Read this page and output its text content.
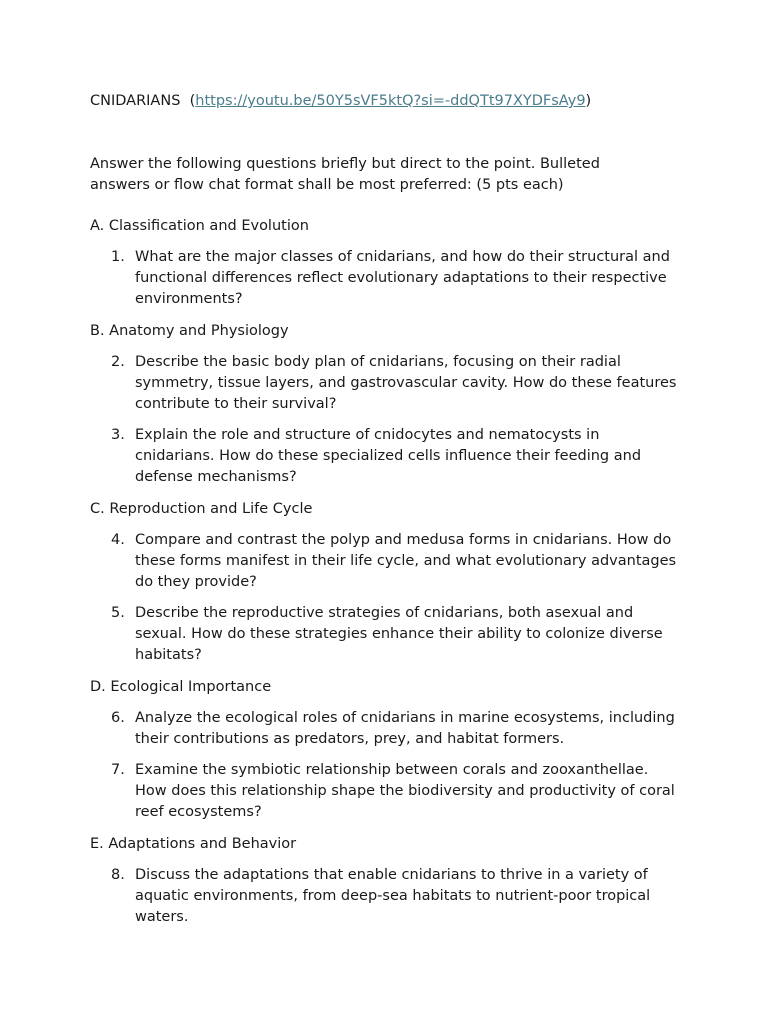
CNIDARIANS (https://youtu.be/50Y5sVF5ktQ?si=-ddQTt97XYDFsAy9)

Answer the following questions briefly but direct to the point. Bulleted answers or flow chat format shall be most preferred: (5 pts each)

A. Classification and Evolution

1. What are the major classes of cnidarians, and how do their structural and functional differences reflect evolutionary adaptations to their respective environments?

B. Anatomy and Physiology

2. Describe the basic body plan of cnidarians, focusing on their radial symmetry, tissue layers, and gastrovascular cavity. How do these features contribute to their survival?
3. Explain the role and structure of cnidocytes and nematocysts in cnidarians. How do these specialized cells influence their feeding and defense mechanisms?

C. Reproduction and Life Cycle

4. Compare and contrast the polyp and medusa forms in cnidarians. How do these forms manifest in their life cycle, and what evolutionary advantages do they provide?
5. Describe the reproductive strategies of cnidarians, both asexual and sexual. How do these strategies enhance their ability to colonize diverse habitats?

D. Ecological Importance

6. Analyze the ecological roles of cnidarians in marine ecosystems, including their contributions as predators, prey, and habitat formers.
7. Examine the symbiotic relationship between corals and zooxanthellae. How does this relationship shape the biodiversity and productivity of coral reef ecosystems?

E. Adaptations and Behavior

8. Discuss the adaptations that enable cnidarians to thrive in a variety of aquatic environments, from deep-sea habitats to nutrient-poor tropical waters.
